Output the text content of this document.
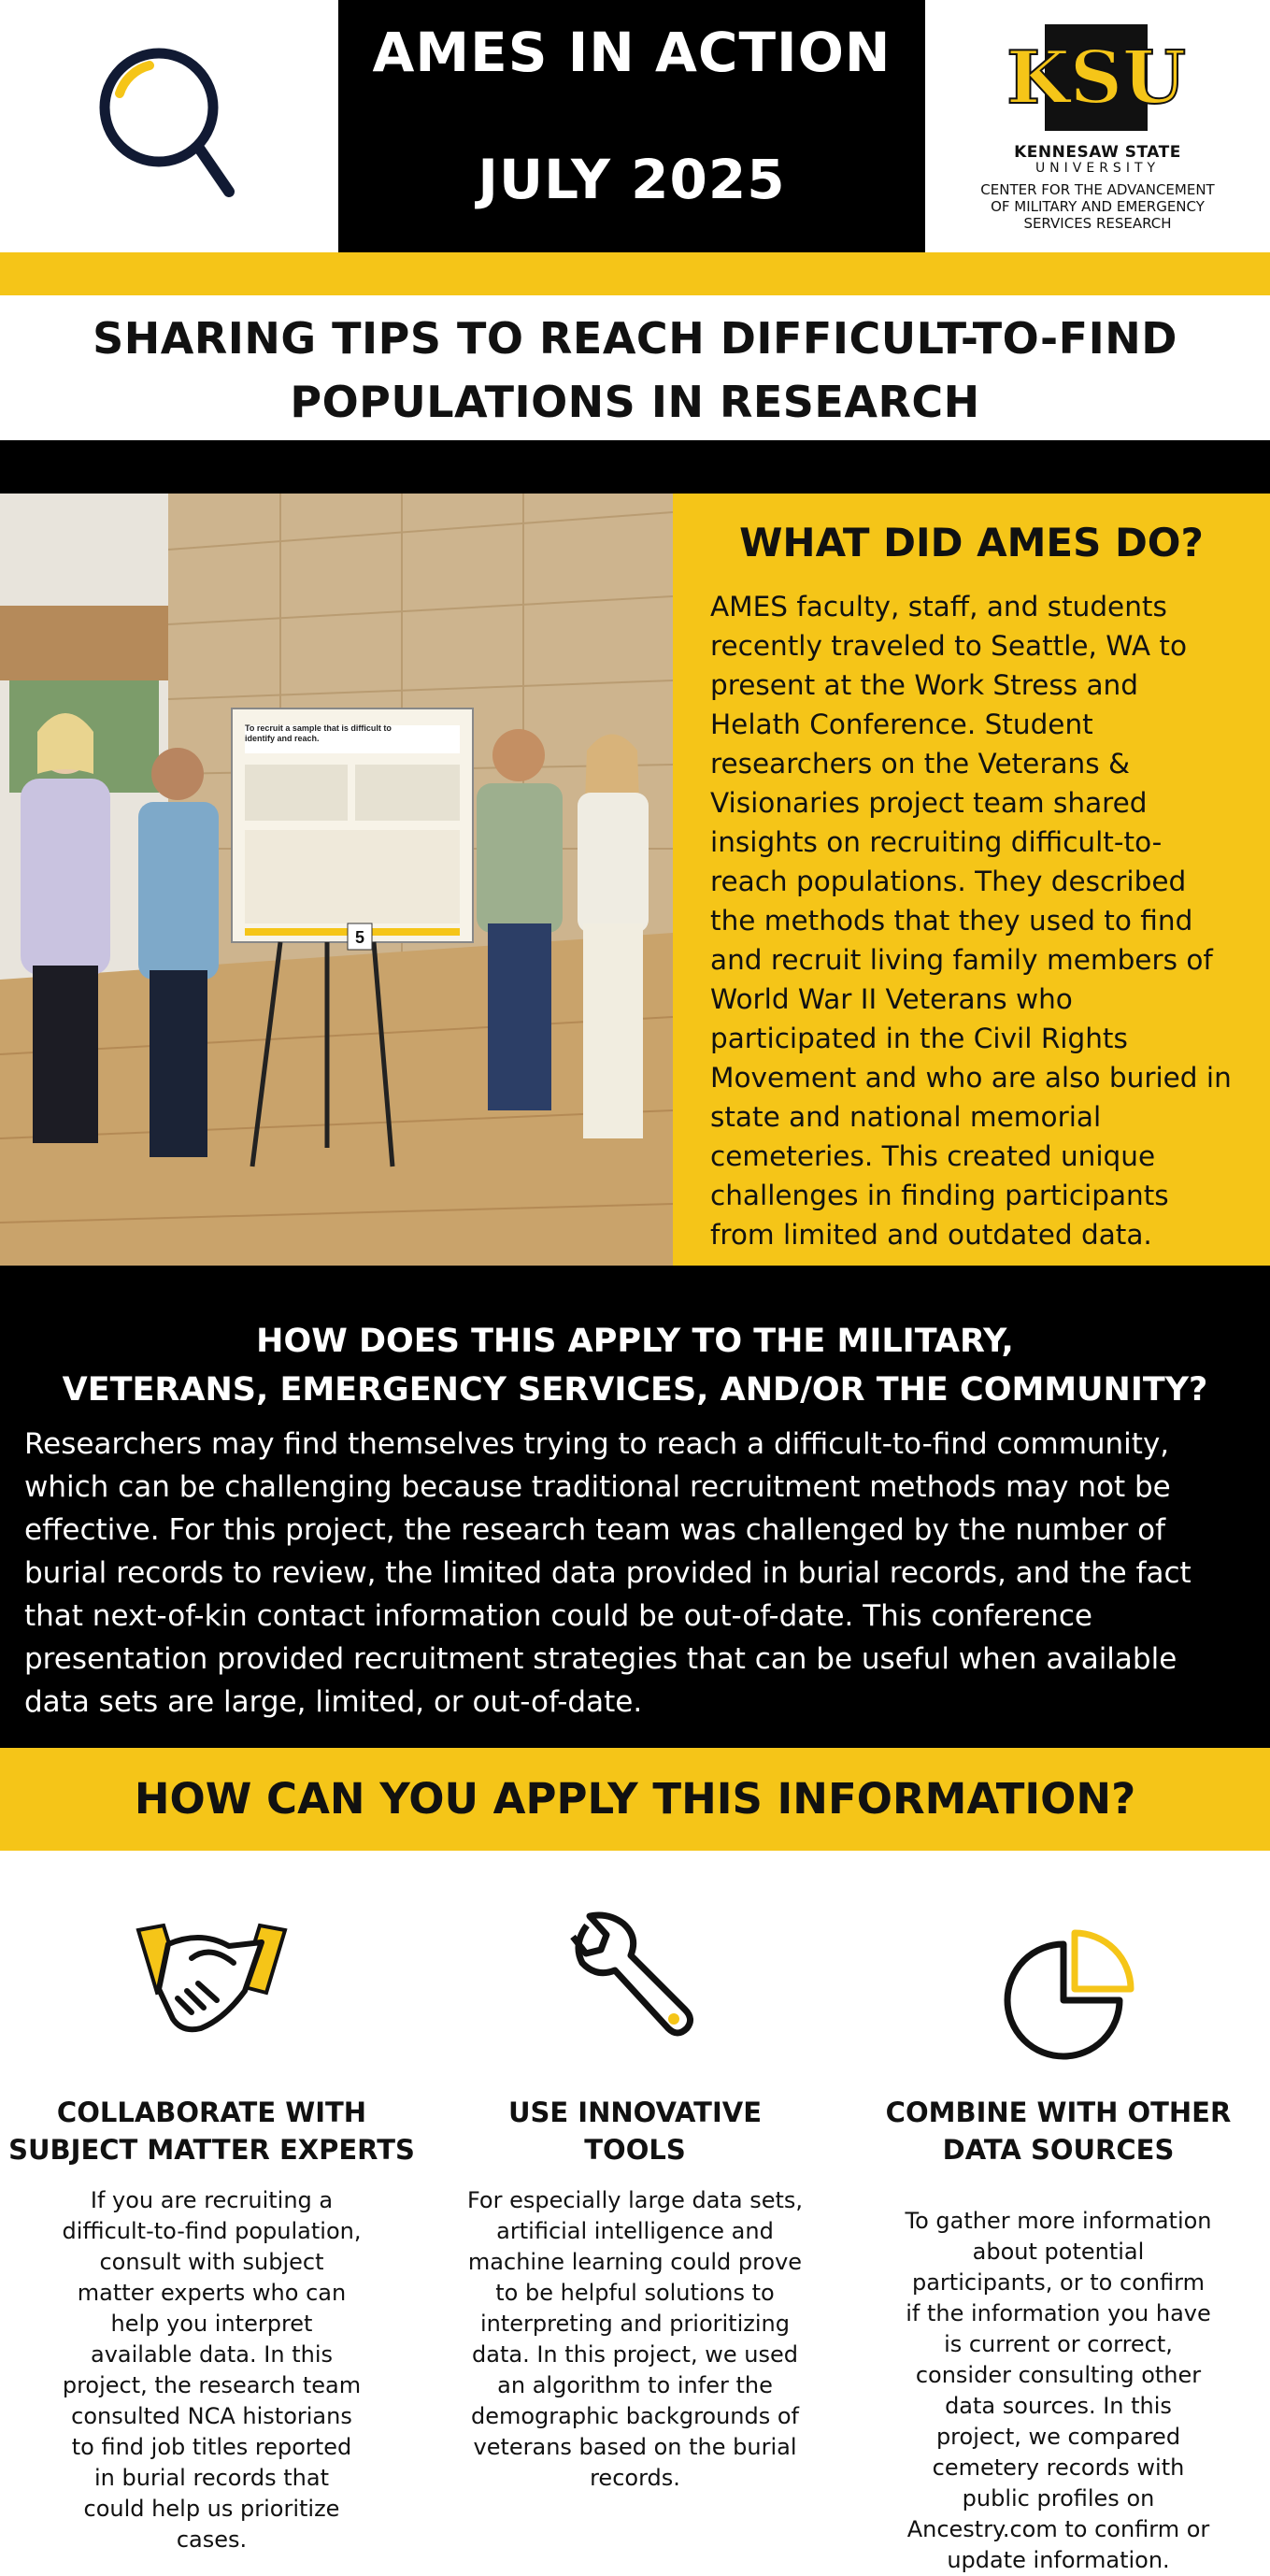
AMES IN ACTION
JULY 2025
KSU
KENNESAW STATE
UNIVERSITY
CENTER FOR THE ADVANCEMENT
OF MILITARY AND EMERGENCY
SERVICES RESEARCH
SHARING TIPS TO REACH DIFFICULT-TO-FIND
POPULATIONS IN RESEARCH
To recruit a sample that is difficult to identify and reach.
5
WHAT DID AMES DO?
AMES faculty, staff, and students recently traveled to Seattle, WA to present at the Work Stress and Helath Conference. Student researchers on the Veterans & Visionaries project team shared insights on recruiting difficult-to-reach populations. They described the methods that they used to find and recruit living family members of World War II Veterans who participated in the Civil Rights Movement and who are also buried in state and national memorial cemeteries. This created unique challenges in finding participants from limited and outdated data.
HOW DOES THIS APPLY TO THE MILITARY,
VETERANS, EMERGENCY SERVICES, AND/OR THE COMMUNITY?
Researchers may find themselves trying to reach a difficult-to-find community, which can be challenging because traditional recruitment methods may not be effective. For this project, the research team was challenged by the number of burial records to review, the limited data provided in burial records, and the fact that next-of-kin contact information could be out-of-date. This conference presentation provided recruitment strategies that can be useful when available data sets are large, limited, or out-of-date.
HOW CAN YOU APPLY THIS INFORMATION?
COLLABORATE WITH
SUBJECT MATTER EXPERTS
If you are recruiting a difficult-to-find population, consult with subject matter experts who can help you interpret available data. In this project, the research team consulted NCA historians to find job titles reported in burial records that could help us prioritize cases.
USE INNOVATIVE
TOOLS
For especially large data sets, artificial intelligence and machine learning could prove to be helpful solutions to interpreting and prioritizing data. In this project, we used an algorithm to infer the demographic backgrounds of veterans based on the burial records.
COMBINE WITH OTHER
DATA SOURCES
To gather more information about potential participants, or to confirm if the information you have is current or correct, consider consulting other data sources. In this project, we compared cemetery records with public profiles on Ancestry.com to confirm or update information.
